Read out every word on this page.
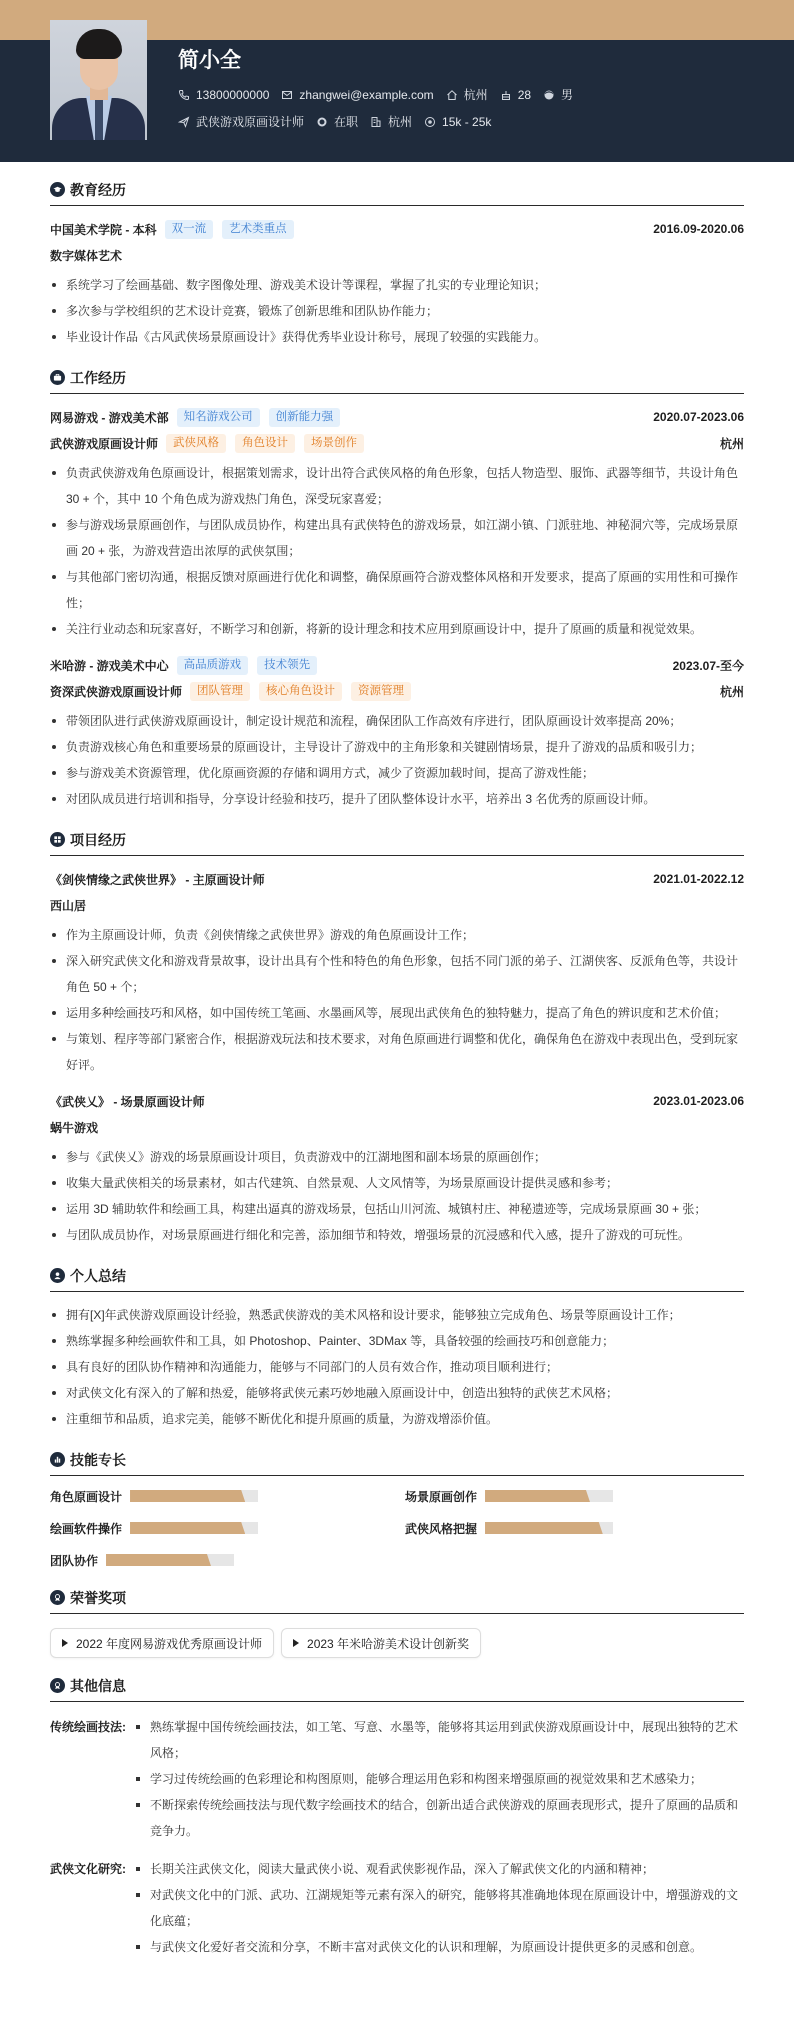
简小全
13800000000	zhangwei@example.com	杭州	28	男
武侠游戏原画设计师	在职	杭州	15k - 25k
教育经历
中国美术学院 - 本科	双一流	艺术类重点	2016.09-2020.06
数字媒体艺术
系统学习了绘画基础、数字图像处理、游戏美术设计等课程，掌握了扎实的专业理论知识；
多次参与学校组织的艺术设计竞赛，锻炼了创新思维和团队协作能力；
毕业设计作品《古风武侠场景原画设计》获得优秀毕业设计称号，展现了较强的实践能力。
工作经历
网易游戏 - 游戏美术部	知名游戏公司	创新能力强	2020.07-2023.06
武侠游戏原画设计师	武侠风格	角色设计	场景创作	杭州
负责武侠游戏角色原画设计，根据策划需求，设计出符合武侠风格的角色形象，包括人物造型、服饰、武器等细节，共设计角色 30 + 个，其中 10 个角色成为游戏热门角色，深受玩家喜爱；
参与游戏场景原画创作，与团队成员协作，构建出具有武侠特色的游戏场景，如江湖小镇、门派驻地、神秘洞穴等，完成场景原画 20 + 张，为游戏营造出浓厚的武侠氛围；
与其他部门密切沟通，根据反馈对原画进行优化和调整，确保原画符合游戏整体风格和开发要求，提高了原画的实用性和可操作性；
关注行业动态和玩家喜好，不断学习和创新，将新的设计理念和技术应用到原画设计中，提升了原画的质量和视觉效果。
米哈游 - 游戏美术中心	高品质游戏	技术领先	2023.07-至今
资深武侠游戏原画设计师	团队管理	核心角色设计	资源管理	杭州
带领团队进行武侠游戏原画设计，制定设计规范和流程，确保团队工作高效有序进行，团队原画设计效率提高 20%；
负责游戏核心角色和重要场景的原画设计，主导设计了游戏中的主角形象和关键剧情场景，提升了游戏的品质和吸引力；
参与游戏美术资源管理，优化原画资源的存储和调用方式，减少了资源加载时间，提高了游戏性能；
对团队成员进行培训和指导，分享设计经验和技巧，提升了团队整体设计水平，培养出 3 名优秀的原画设计师。
项目经历
《剑侠情缘之武侠世界》 - 主原画设计师	2021.01-2022.12
西山居
作为主原画设计师，负责《剑侠情缘之武侠世界》游戏的角色原画设计工作；
深入研究武侠文化和游戏背景故事，设计出具有个性和特色的角色形象，包括不同门派的弟子、江湖侠客、反派角色等，共设计角色 50 + 个；
运用多种绘画技巧和风格，如中国传统工笔画、水墨画风等，展现出武侠角色的独特魅力，提高了角色的辨识度和艺术价值；
与策划、程序等部门紧密合作，根据游戏玩法和技术要求，对角色原画进行调整和优化，确保角色在游戏中表现出色，受到玩家好评。
《武侠乂》 - 场景原画设计师	2023.01-2023.06
蜗牛游戏
参与《武侠乂》游戏的场景原画设计项目，负责游戏中的江湖地图和副本场景的原画创作；
收集大量武侠相关的场景素材，如古代建筑、自然景观、人文风情等，为场景原画设计提供灵感和参考；
运用 3D 辅助软件和绘画工具，构建出逼真的游戏场景，包括山川河流、城镇村庄、神秘遗迹等，完成场景原画 30 + 张；
与团队成员协作，对场景原画进行细化和完善，添加细节和特效，增强场景的沉浸感和代入感，提升了游戏的可玩性。
个人总结
拥有[X]年武侠游戏原画设计经验，熟悉武侠游戏的美术风格和设计要求，能够独立完成角色、场景等原画设计工作；
熟练掌握多种绘画软件和工具，如 Photoshop、Painter、3DMax 等，具备较强的绘画技巧和创意能力；
具有良好的团队协作精神和沟通能力，能够与不同部门的人员有效合作，推动项目顺利进行；
对武侠文化有深入的了解和热爱，能够将武侠元素巧妙地融入原画设计中，创造出独特的武侠艺术风格；
注重细节和品质，追求完美，能够不断优化和提升原画的质量，为游戏增添价值。
技能专长
角色原画设计	场景原画创作
绘画软件操作	武侠风格把握
团队协作
荣誉奖项
2022 年度网易游戏优秀原画设计师	2023 年米哈游美术设计创新奖
其他信息
传统绘画技法:	熟练掌握中国传统绘画技法，如工笔、写意、水墨等，能够将其运用到武侠游戏原画设计中，展现出独特的艺术风格；
学习过传统绘画的色彩理论和构图原则，能够合理运用色彩和构图来增强原画的视觉效果和艺术感染力；
不断探索传统绘画技法与现代数字绘画技术的结合，创新出适合武侠游戏的原画表现形式，提升了原画的品质和竞争力。
武侠文化研究:	长期关注武侠文化，阅读大量武侠小说、观看武侠影视作品，深入了解武侠文化的内涵和精神；
对武侠文化中的门派、武功、江湖规矩等元素有深入的研究，能够将其准确地体现在原画设计中，增强游戏的文化底蕴；
与武侠文化爱好者交流和分享，不断丰富对武侠文化的认识和理解，为原画设计提供更多的灵感和创意。
